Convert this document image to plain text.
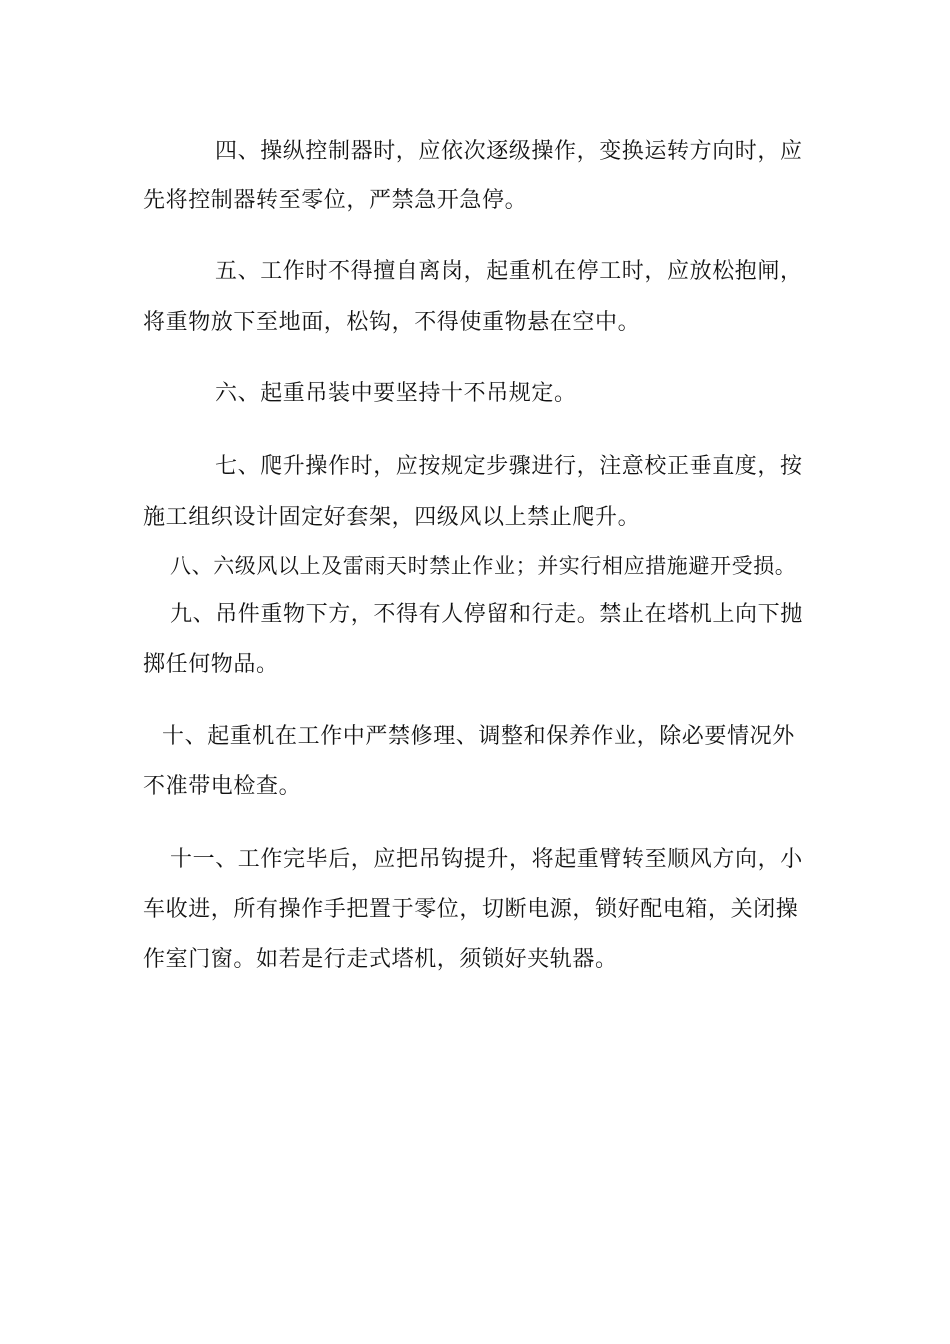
四、操纵控制器时，应依次逐级操作，变换运转方向时，应

先将控制器转至零位，严禁急开急停。

五、工作时不得擅自离岗，起重机在停工时，应放松抱闸，

将重物放下至地面，松钩，不得使重物悬在空中。

六、起重吊装中要坚持十不吊规定。

七、爬升操作时，应按规定步骤进行，注意校正垂直度，按

施工组织设计固定好套架，四级风以上禁止爬升。

八、六级风以上及雷雨天时禁止作业；并实行相应措施避开受损。

九、吊件重物下方，不得有人停留和行走。禁止在塔机上向下抛

掷任何物品。

十、起重机在工作中严禁修理、调整和保养作业，除必要情况外

不准带电检查。

十一、工作完毕后，应把吊钩提升，将起重臂转至顺风方向，小

车收进，所有操作手把置于零位，切断电源，锁好配电箱，关闭操

作室门窗。如若是行走式塔机，须锁好夹轨器。
